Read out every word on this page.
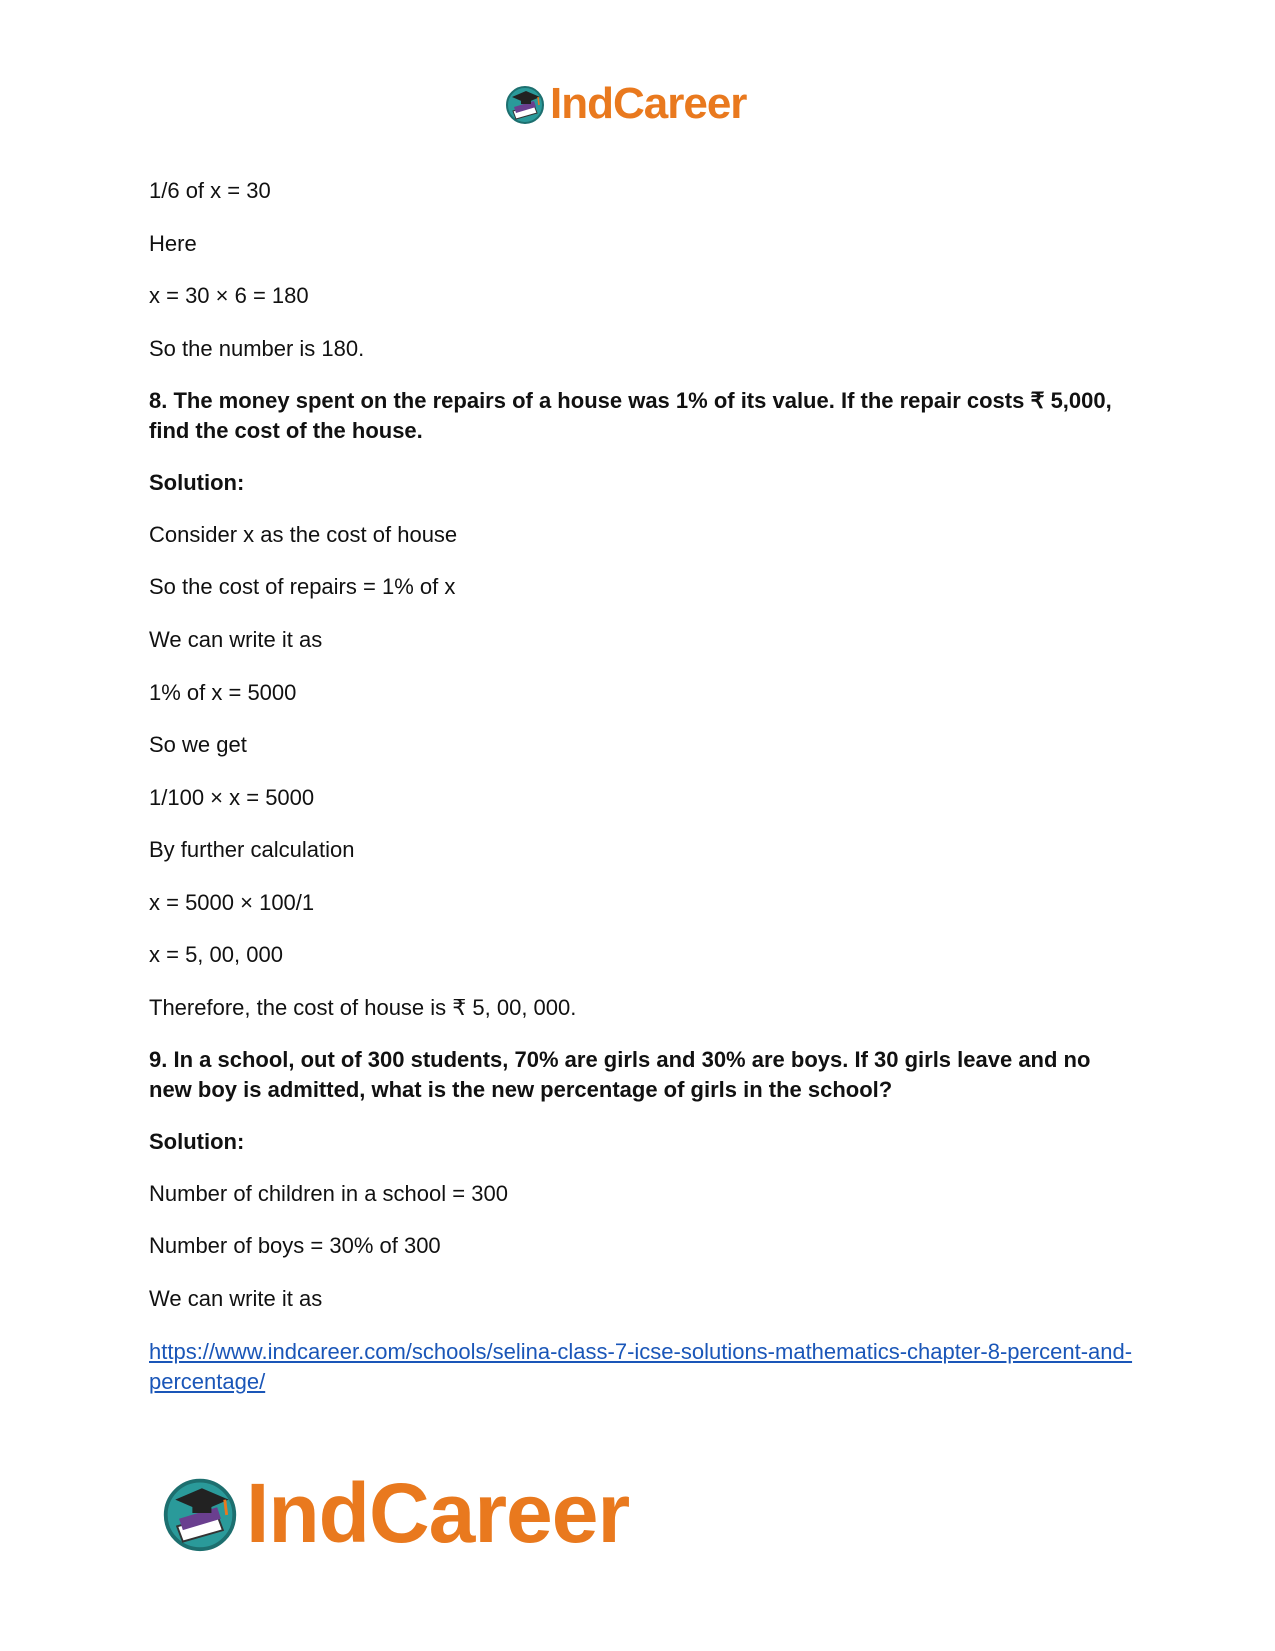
IndCareer

1/6 of x = 30

Here

x = 30 × 6 = 180

So the number is 180.

8. The money spent on the repairs of a house was 1% of its value. If the repair costs ₹ 5,000, find the cost of the house.

Solution:

Consider x as the cost of house

So the cost of repairs = 1% of x

We can write it as

1% of x = 5000

So we get

1/100 × x = 5000

By further calculation

x = 5000 × 100/1

x = 5, 00, 000

Therefore, the cost of house is ₹ 5, 00, 000.

9. In a school, out of 300 students, 70% are girls and 30% are boys. If 30 girls leave and no new boy is admitted, what is the new percentage of girls in the school?

Solution:

Number of children in a school = 300

Number of boys = 30% of 300

We can write it as

https://www.indcareer.com/schools/selina-class-7-icse-solutions-mathematics-chapter-8-percent-and-percentage/
IndCareer
